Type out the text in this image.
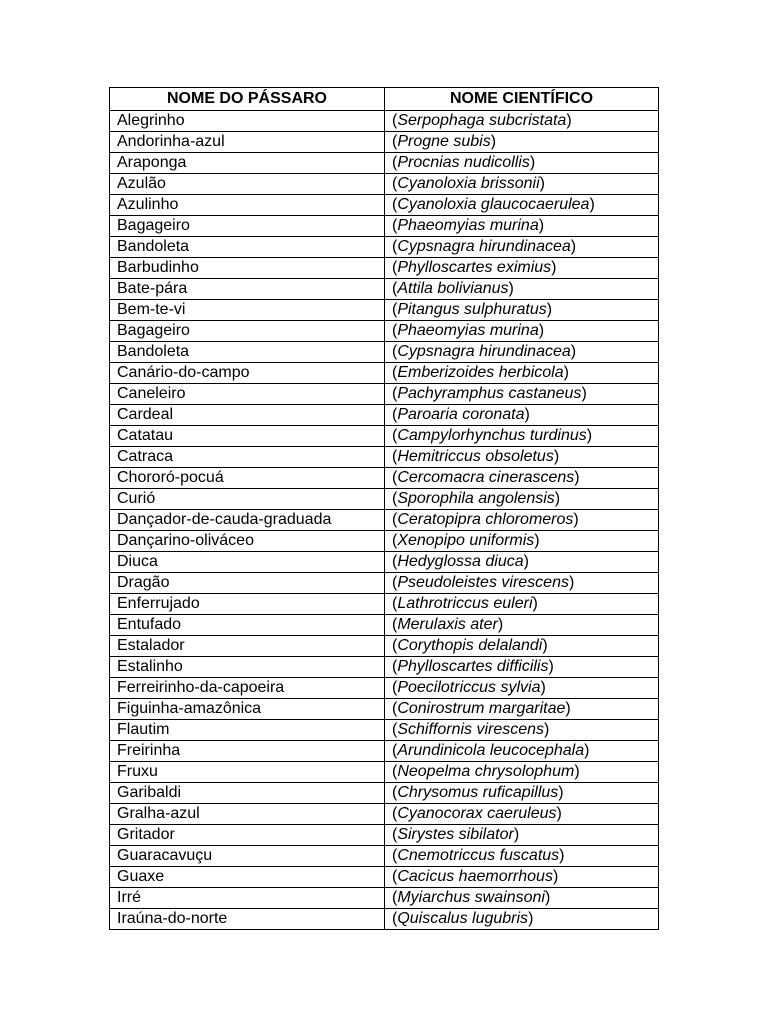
NOME DO PÁSSARO	NOME CIENTÍFICO
Alegrinho	(Serpophaga subcristata)
Andorinha-azul	(Progne subis)
Araponga	(Procnias nudicollis)
Azulão	(Cyanoloxia brissonii)
Azulinho	(Cyanoloxia glaucocaerulea)
Bagageiro	(Phaeomyias murina)
Bandoleta	(Cypsnagra hirundinacea)
Barbudinho	(Phylloscartes eximius)
Bate-pára	(Attila bolivianus)
Bem-te-vi	(Pitangus sulphuratus)
Bagageiro	(Phaeomyias murina)
Bandoleta	(Cypsnagra hirundinacea)
Canário-do-campo	(Emberizoides herbicola)
Caneleiro	(Pachyramphus castaneus)
Cardeal	(Paroaria coronata)
Catatau	(Campylorhynchus turdinus)
Catraca	(Hemitriccus obsoletus)
Chororó-pocuá	(Cercomacra cinerascens)
Curió	(Sporophila angolensis)
Dançador-de-cauda-graduada	(Ceratopipra chloromeros)
Dançarino-oliváceo	(Xenopipo uniformis)
Diuca	(Hedyglossa diuca)
Dragão	(Pseudoleistes virescens)
Enferrujado	(Lathrotriccus euleri)
Entufado	(Merulaxis ater)
Estalador	(Corythopis delalandi)
Estalinho	(Phylloscartes difficilis)
Ferreirinho-da-capoeira	(Poecilotriccus sylvia)
Figuinha-amazônica	(Conirostrum margaritae)
Flautim	(Schiffornis virescens)
Freirinha	(Arundinicola leucocephala)
Fruxu	(Neopelma chrysolophum)
Garibaldi	(Chrysomus ruficapillus)
Gralha-azul	(Cyanocorax caeruleus)
Gritador	(Sirystes sibilator)
Guaracavuçu	(Cnemotriccus fuscatus)
Guaxe	(Cacicus haemorrhous)
Irré	(Myiarchus swainsoni)
Iraúna-do-norte	(Quiscalus lugubris)
